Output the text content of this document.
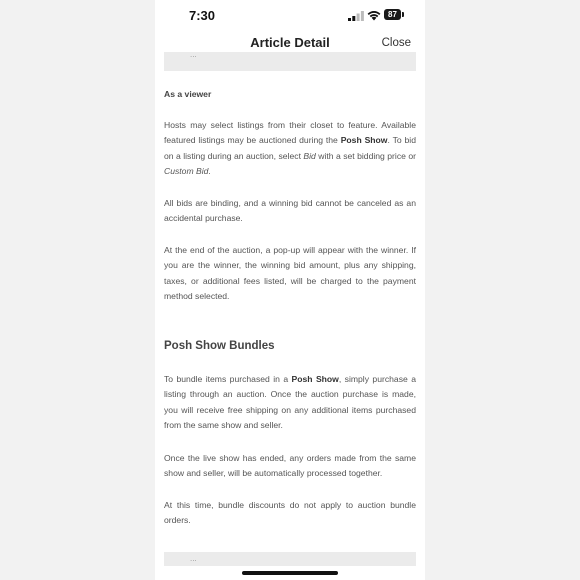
7:30	87
Article Detail	Close
...
As a viewer

Hosts may select listings from their closet to feature. Available featured listings may be auctioned during the Posh Show. To bid on a listing during an auction, select Bid with a set bidding price or Custom Bid.

All bids are binding, and a winning bid cannot be canceled as an accidental purchase.

At the end of the auction, a pop-up will appear with the winner. If you are the winner, the winning bid amount, plus any shipping, taxes, or additional fees listed, will be charged to the payment method selected.

Posh Show Bundles

To bundle items purchased in a Posh Show, simply purchase a listing through an auction. Once the auction purchase is made, you will receive free shipping on any additional items purchased from the same show and seller.

Once the live show has ended, any orders made from the same show and seller, will be automatically processed together.

At this time, bundle discounts do not apply to auction bundle orders.

...
